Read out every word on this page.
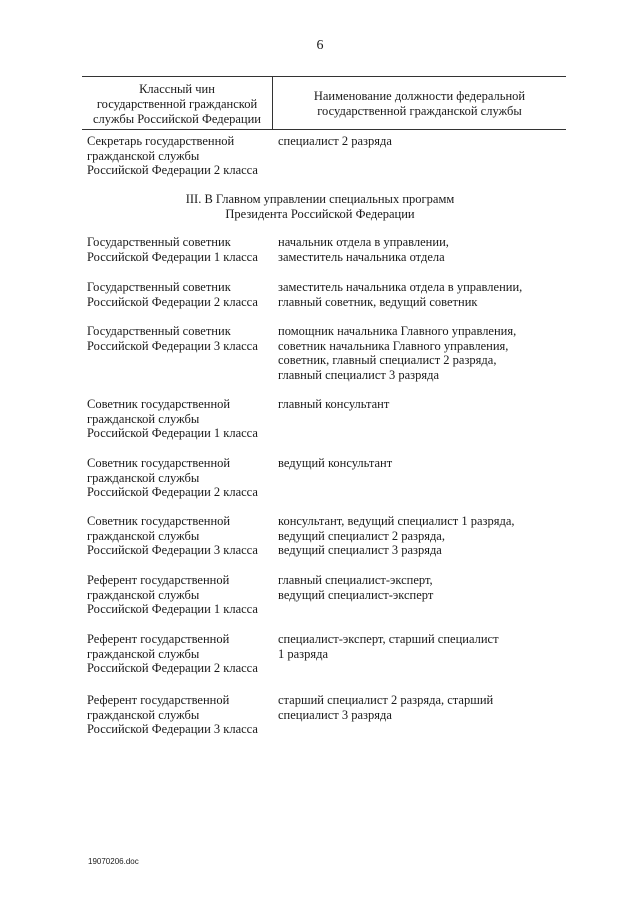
6
Классный чин
государственной гражданской
службы Российской Федерации
Наименование должности федеральной
государственной гражданской службы
Секретарь государственной
гражданской службы
Российской Федерации 2 класса
специалист 2 разряда
III. В Главном управлении специальных программ
Президента Российской Федерации
Государственный советник
Российской Федерации 1 класса
начальник отдела в управлении,
заместитель начальника отдела
Государственный советник
Российской Федерации 2 класса
заместитель начальника отдела в управлении,
главный советник, ведущий советник
Государственный советник
Российской Федерации 3 класса
помощник начальника Главного управления,
советник начальника Главного управления,
советник, главный специалист 2 разряда,
главный специалист 3 разряда
Советник государственной
гражданской службы
Российской Федерации 1 класса
главный консультант
Советник государственной
гражданской службы
Российской Федерации 2 класса
ведущий консультант
Советник государственной
гражданской службы
Российской Федерации 3 класса
консультант, ведущий специалист 1 разряда,
ведущий специалист 2 разряда,
ведущий специалист 3 разряда
Референт государственной
гражданской службы
Российской Федерации 1 класса
главный специалист-эксперт,
ведущий специалист-эксперт
Референт государственной
гражданской службы
Российской Федерации 2 класса
специалист-эксперт, старший специалист
1 разряда
Референт государственной
гражданской службы
Российской Федерации 3 класса
старший специалист 2 разряда, старший
специалист 3 разряда
19070206.doc
